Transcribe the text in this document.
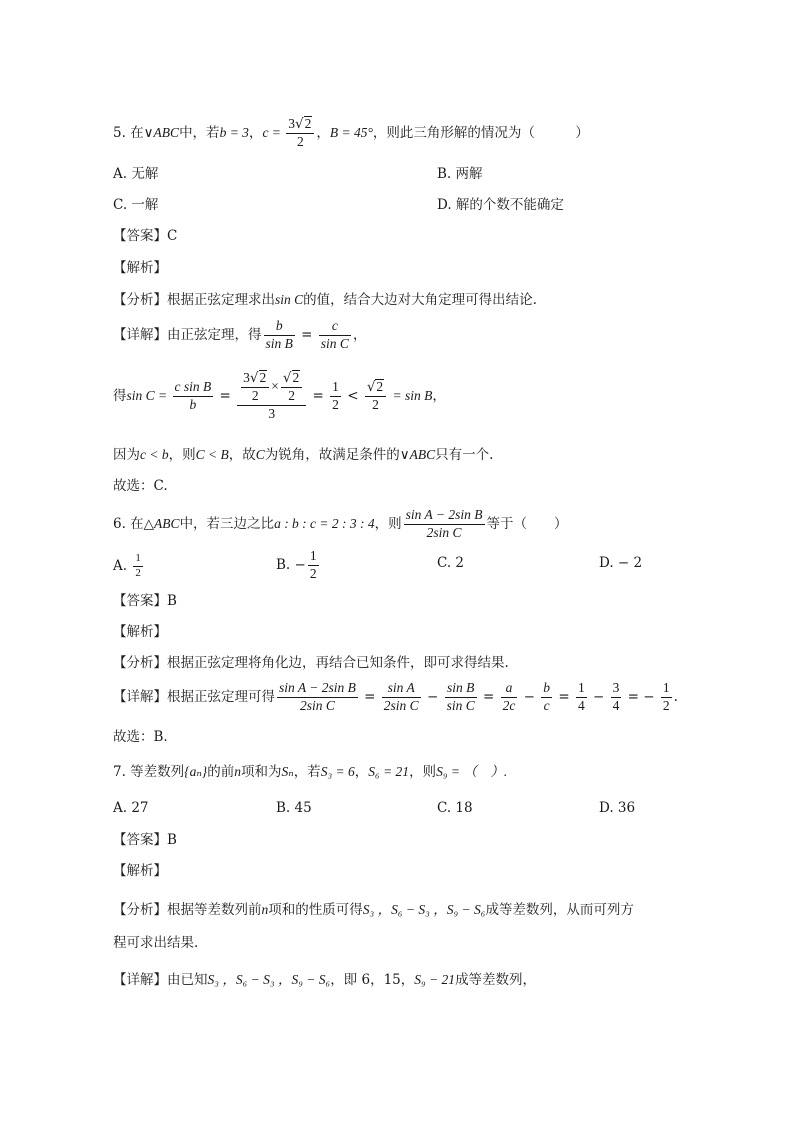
5. 在∨ABC中，若b = 3，$c = \frac{3√2}{2}$ ，B = 45°，则此三角形解的情况为（　　　）
A. 无解	B. 两解
C. 一解	D. 解的个数不能确定
【答案】C
【解析】
【分析】根据正弦定理求出sin C的值，结合大边对大角定理可得出结论.
【详解】由正弦定理，得 $\frac{b}{\text{sin B}} = \frac{c}{\text{sin C}}$ ，
得$\sin C = \frac{\text{c sin B}}{b} = \frac{\frac{3√2}{2} \times \frac{√2}{2}}{3} = \frac{1}{2} < \frac{√2}{2} = \sin B$，
因为c < b，则C < B，故C为锐角，故满足条件的∨ABC只有一个.
故选：C.
6. 在△ABC中，若三边之比a : b : c = 2 : 3 : 4，则 $\frac{\text{sin A − 2sin B}}{\text{2sin C}}$ 等于（　　）
A. $\frac{1}{2}$	B. − $\frac{1}{2}$	C. 2	D. − 2
【答案】B
【解析】
【分析】根据正弦定理将角化边，再结合已知条件，即可求得结果.
【详解】根据正弦定理可得 $\frac{\text{sin A − 2sin B}}{\text{2sin C}} = \frac{\text{sin A}}{\text{2sin C}} - \frac{\text{sin B}}{\text{sin C}} = \frac{a}{2c} - \frac{b}{c} = \frac{1}{4} - \frac{3}{4}$ = − $\frac{1}{2}$ .
故选：B.
7. 等差数列{aₙ}的前n项和为Sₙ，若S₃ = 6，S₆ = 21，则S₉ = （　）.
A. 27	B. 45	C. 18	D. 36
【答案】B
【解析】
【分析】根据等差数列前n项和的性质可得S₃ ，S₆ − S₃ ，S₉ − S₆成等差数列，从而可列方
程可求出结果.
【详解】由已知S₃ ，S₆ − S₃ ，S₉ − S₆，即 6，15，S₉ − 21成等差数列，
